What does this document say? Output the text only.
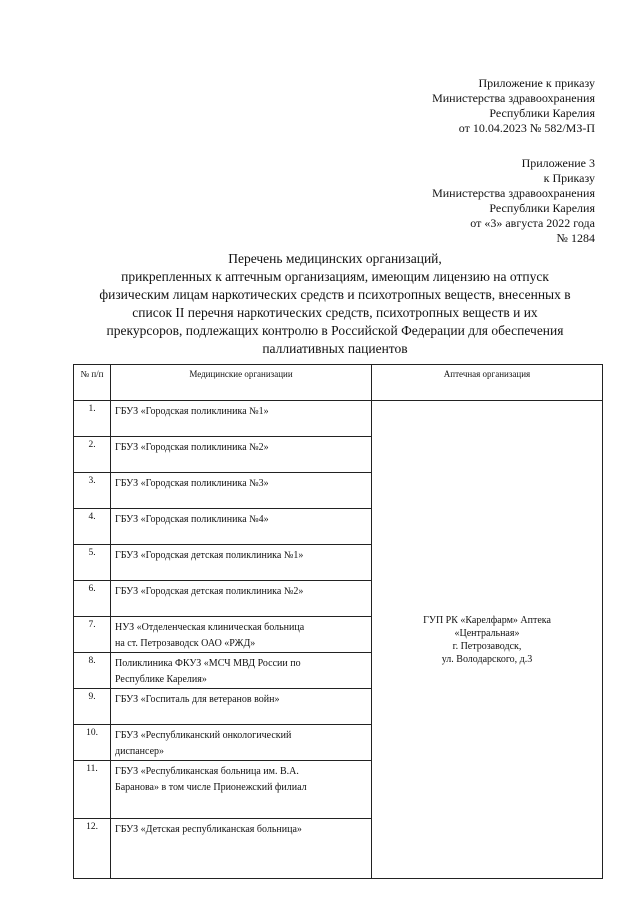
Приложение к приказу
Министерства здравоохранения
Республики Карелия
от 10.04.2023 № 582/МЗ-П
Приложение 3
к Приказу
Министерства здравоохранения
Республики Карелия
от «3» августа 2022 года
№ 1284
Перечень медицинских организаций,
прикрепленных к аптечным организациям, имеющим лицензию на отпуск
физическим лицам наркотических средств и психотропных веществ, внесенных в
список II перечня наркотических средств, психотропных веществ и их
прекурсоров, подлежащих контролю в Российской Федерации для обеспечения
паллиативных пациентов
№ п/п	Медицинские организации	Аптечная организация
1.	ГБУЗ «Городская поликлиника №1»	ГУП РК «Карелфарм» Аптека
«Центральная»
г. Петрозаводск,
ул. Володарского, д.3

2.	ГБУЗ «Городская поликлиника №2»	
3.	ГБУЗ «Городская поликлиника №3»	
4.	ГБУЗ «Городская поликлиника №4»	
5.	ГБУЗ «Городская детская поликлиника №1»	
6.	ГБУЗ «Городская детская поликлиника №2»	
7.	НУЗ «Отделенческая клиническая больница
на ст. Петрозаводск ОАО «РЖД»	

8.	Поликлиника ФКУЗ «МСЧ МВД России по
Республике Карелия»	

9.	ГБУЗ «Госпиталь для ветеранов войн»	
10.	ГБУЗ «Республиканский онкологический
диспансер»	

11.	ГБУЗ «Республиканская больница им. В.А.
Баранова» в том числе Прионежский филиал	

12.	ГБУЗ «Детская республиканская больница»	
